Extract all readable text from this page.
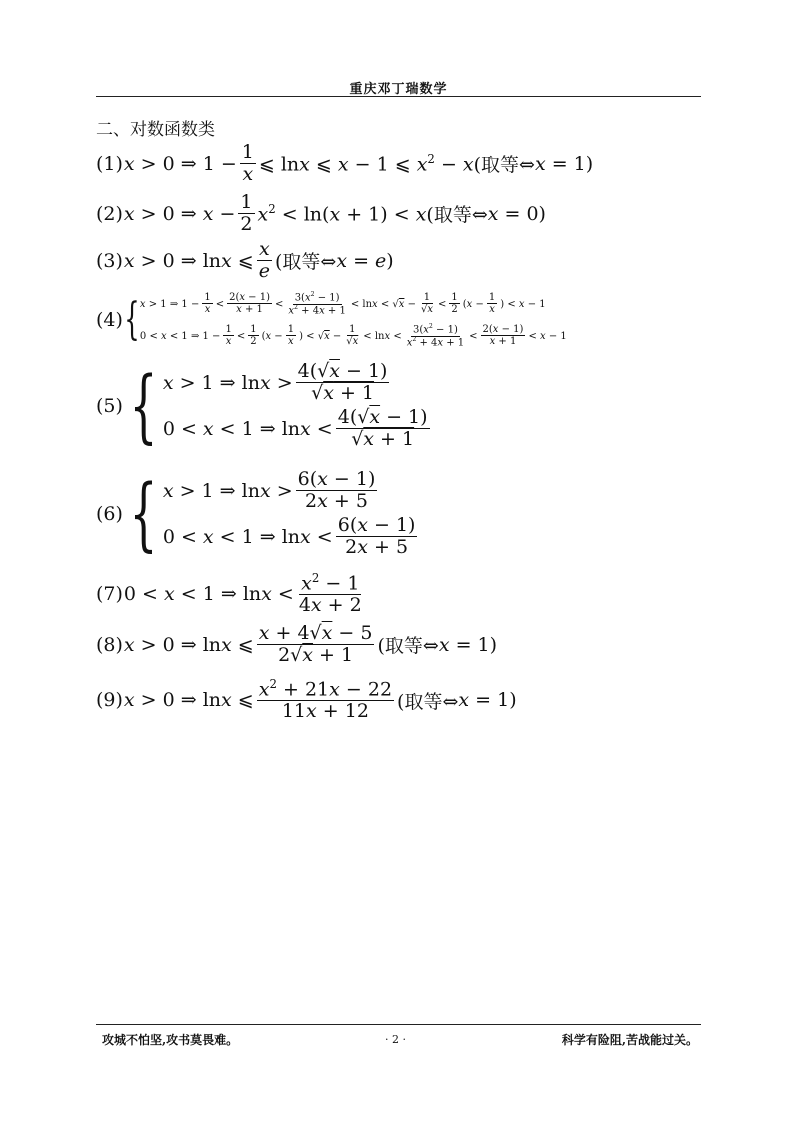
重庆邓丁瑞数学
二、对数函数类
(1) x > 0 ⇒ $1 - \frac{1}{x}$ ⩽ lnx ⩽ x − 1 ⩽ $x^2 - x$ (取等⇔ x = 1)
(2) x > 0 ⇒ $x - \frac{1}{2} x^2 < \ln(x + 1) < x$ (取等⇔ x = 0)
(3) x > 0 ⇒ lnx ⩽ $\frac{x}{e}$ (取等⇔ x = e)
(4) { x > 1 ⇒ $1 - \frac{1}{x} < \frac{2(x - 1)}{x + 1} < \frac{3(x^2 - 1)}{x^2 + 4x + 1} < \ln x < √x - \frac{1}{√x} < \frac{1}{2} (x - \frac{1}{x}$ ) < x − 1
0 < x < 1 ⇒ $1 - \frac{1}{x} < \frac{1}{2} (x - \frac{1}{x}$ ) < $√x - \frac{1}{√x} < \ln x < \frac{3(x^2 - 1)}{x^2 + 4x + 1} < \frac{2(x - 1)}{x + 1} < x - 1$
(5) { x > 1 ⇒ $\ln x > \frac{4(√x - 1)}{√x + 1}$
0 < x < 1 ⇒ $\ln x < \frac{4(√x - 1)}{√x + 1}$
(6) { x > 1 ⇒ $\ln x > \frac{6(x - 1)}{2x + 5}$
0 < x < 1 ⇒ $\ln x < \frac{6(x - 1)}{2x + 5}$
(7) 0 < x < 1 ⇒ $\ln x < \frac{x^2 - 1}{4x + 2}$
(8) x > 0 ⇒ lnx ⩽ $\frac{x + 4√x - 5}{2√x + 1}$ (取等⇔ x = 1)
(9) x > 0 ⇒ lnx ⩽ $\frac{x^2 + 21x - 22}{11x + 12}$ (取等⇔ x = 1)
攻城不怕坚,攻书莫畏难。	· 2 ·	科学有险阻,苦战能过关。
